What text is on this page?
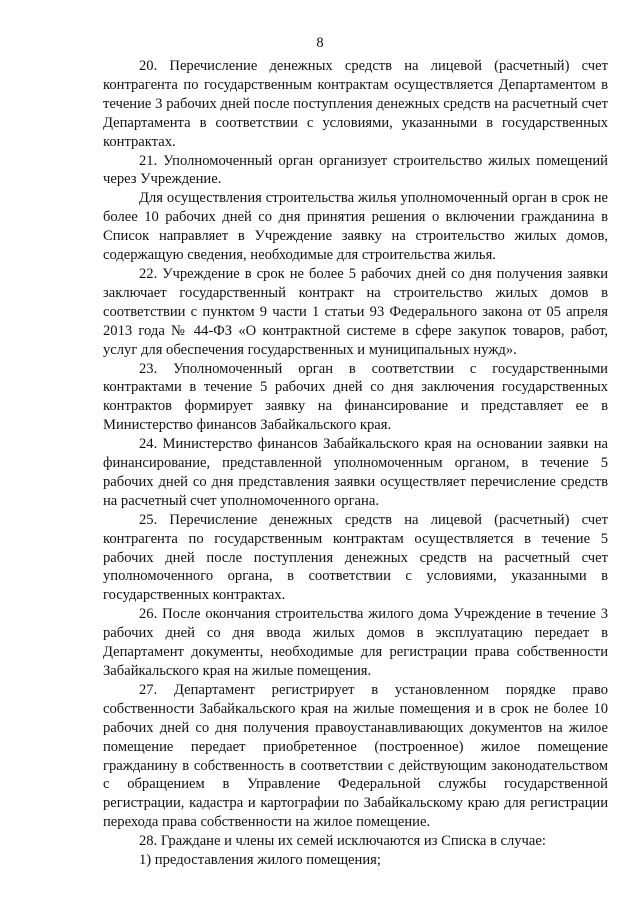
8

20. Перечисление денежных средств на лицевой (расчетный) счет контрагента по государственным контрактам осуществляется Департаментом в течение 3 рабочих дней после поступления денежных средств на расчетный счет Департамента в соответствии с условиями, указанными в государственных контрактах.

21. Уполномоченный орган организует строительство жилых помещений через Учреждение.

Для осуществления строительства жилья уполномоченный орган в срок не более 10 рабочих дней со дня принятия решения о включении гражданина в Список направляет в Учреждение заявку на строительство жилых домов, содержащую сведения, необходимые для строительства жилья.

22. Учреждение в срок не более 5 рабочих дней со дня получения заявки заключает государственный контракт на строительство жилых домов в соответствии с пунктом 9 части 1 статьи 93 Федерального закона от 05 апреля 2013 года № 44-ФЗ «О контрактной системе в сфере закупок товаров, работ, услуг для обеспечения государственных и муниципальных нужд».

23. Уполномоченный орган в соответствии с государственными контрактами в течение 5 рабочих дней со дня заключения государственных контрактов формирует заявку на финансирование и представляет ее в Министерство финансов Забайкальского края.

24. Министерство финансов Забайкальского края на основании заявки на финансирование, представленной уполномоченным органом, в течение 5 рабочих дней со дня представления заявки осуществляет перечисление средств на расчетный счет уполномоченного органа.

25. Перечисление денежных средств на лицевой (расчетный) счет контрагента по государственным контрактам осуществляется в течение 5 рабочих дней после поступления денежных средств на расчетный счет уполномоченного органа, в соответствии с условиями, указанными в государственных контрактах.

26. После окончания строительства жилого дома Учреждение в течение 3 рабочих дней со дня ввода жилых домов в эксплуатацию передает в Департамент документы, необходимые для регистрации права собственности Забайкальского края на жилые помещения.

27. Департамент регистрирует в установленном порядке право собственности Забайкальского края на жилые помещения и в срок не более 10 рабочих дней со дня получения правоустанавливающих документов на жилое помещение передает приобретенное (построенное) жилое помещение гражданину в собственность в соответствии с действующим законодательством с обращением в Управление Федеральной службы государственной регистрации, кадастра и картографии по Забайкальскому краю для регистрации перехода права собственности на жилое помещение.

28. Граждане и члены их семей исключаются из Списка в случае:

1) предоставления жилого помещения;
